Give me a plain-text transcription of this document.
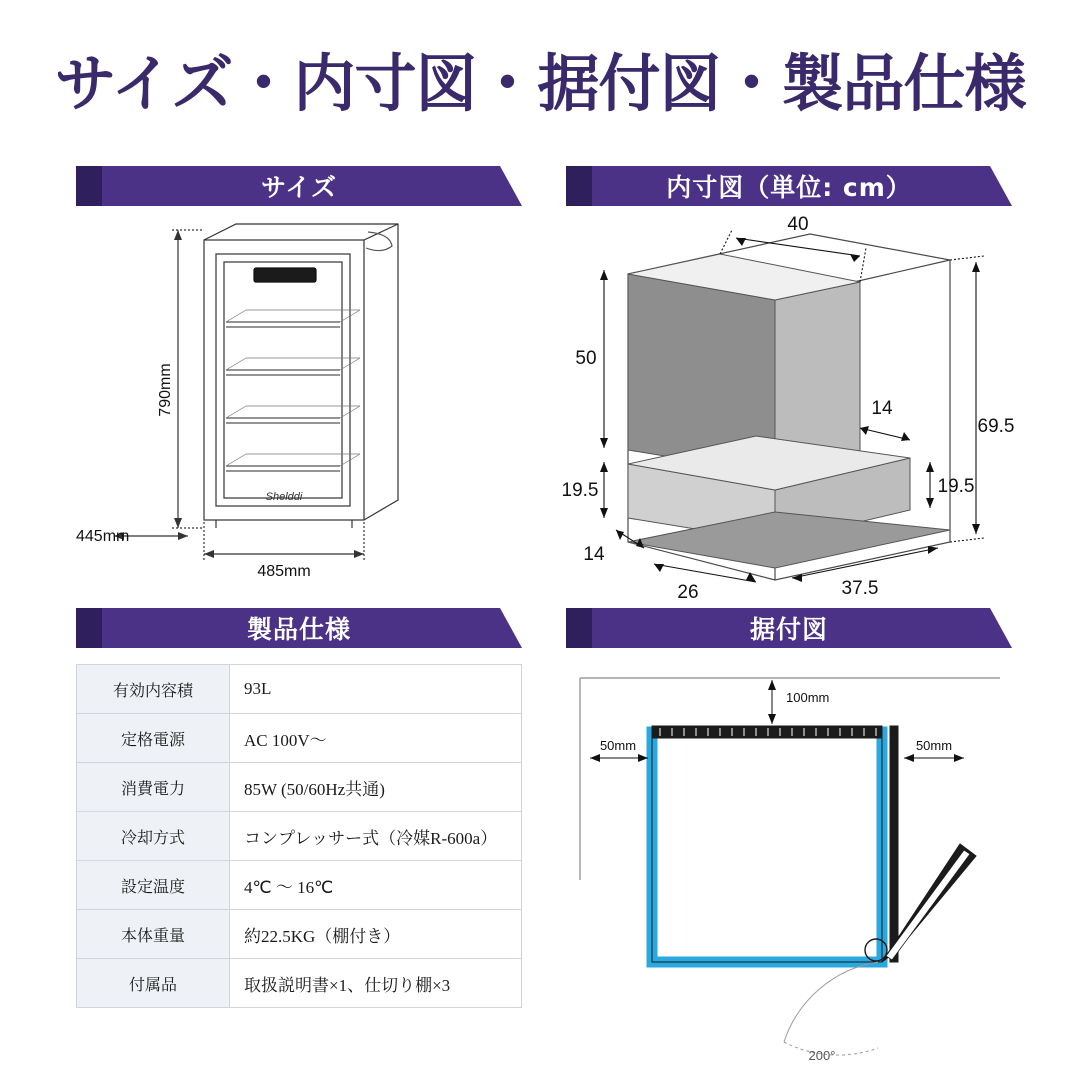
サイズ・内寸図・据付図・製品仕様
サイズ	内寸図（単位: cm）
製品仕様	据付図
790mm
485mm
445mm
Shelddi
40
50
19.5
69.5
14
19.5
14
26	37.5
100mm
50mm	50mm
200°
有効内容積	93L
定格電源	AC 100V〜
消費電力	85W (50/60Hz共通)
冷却方式	コンプレッサー式（冷媒R-600a）
設定温度	4℃ 〜 16℃
本体重量	約22.5KG（棚付き）
付属品	取扱説明書×1、仕切り棚×3
